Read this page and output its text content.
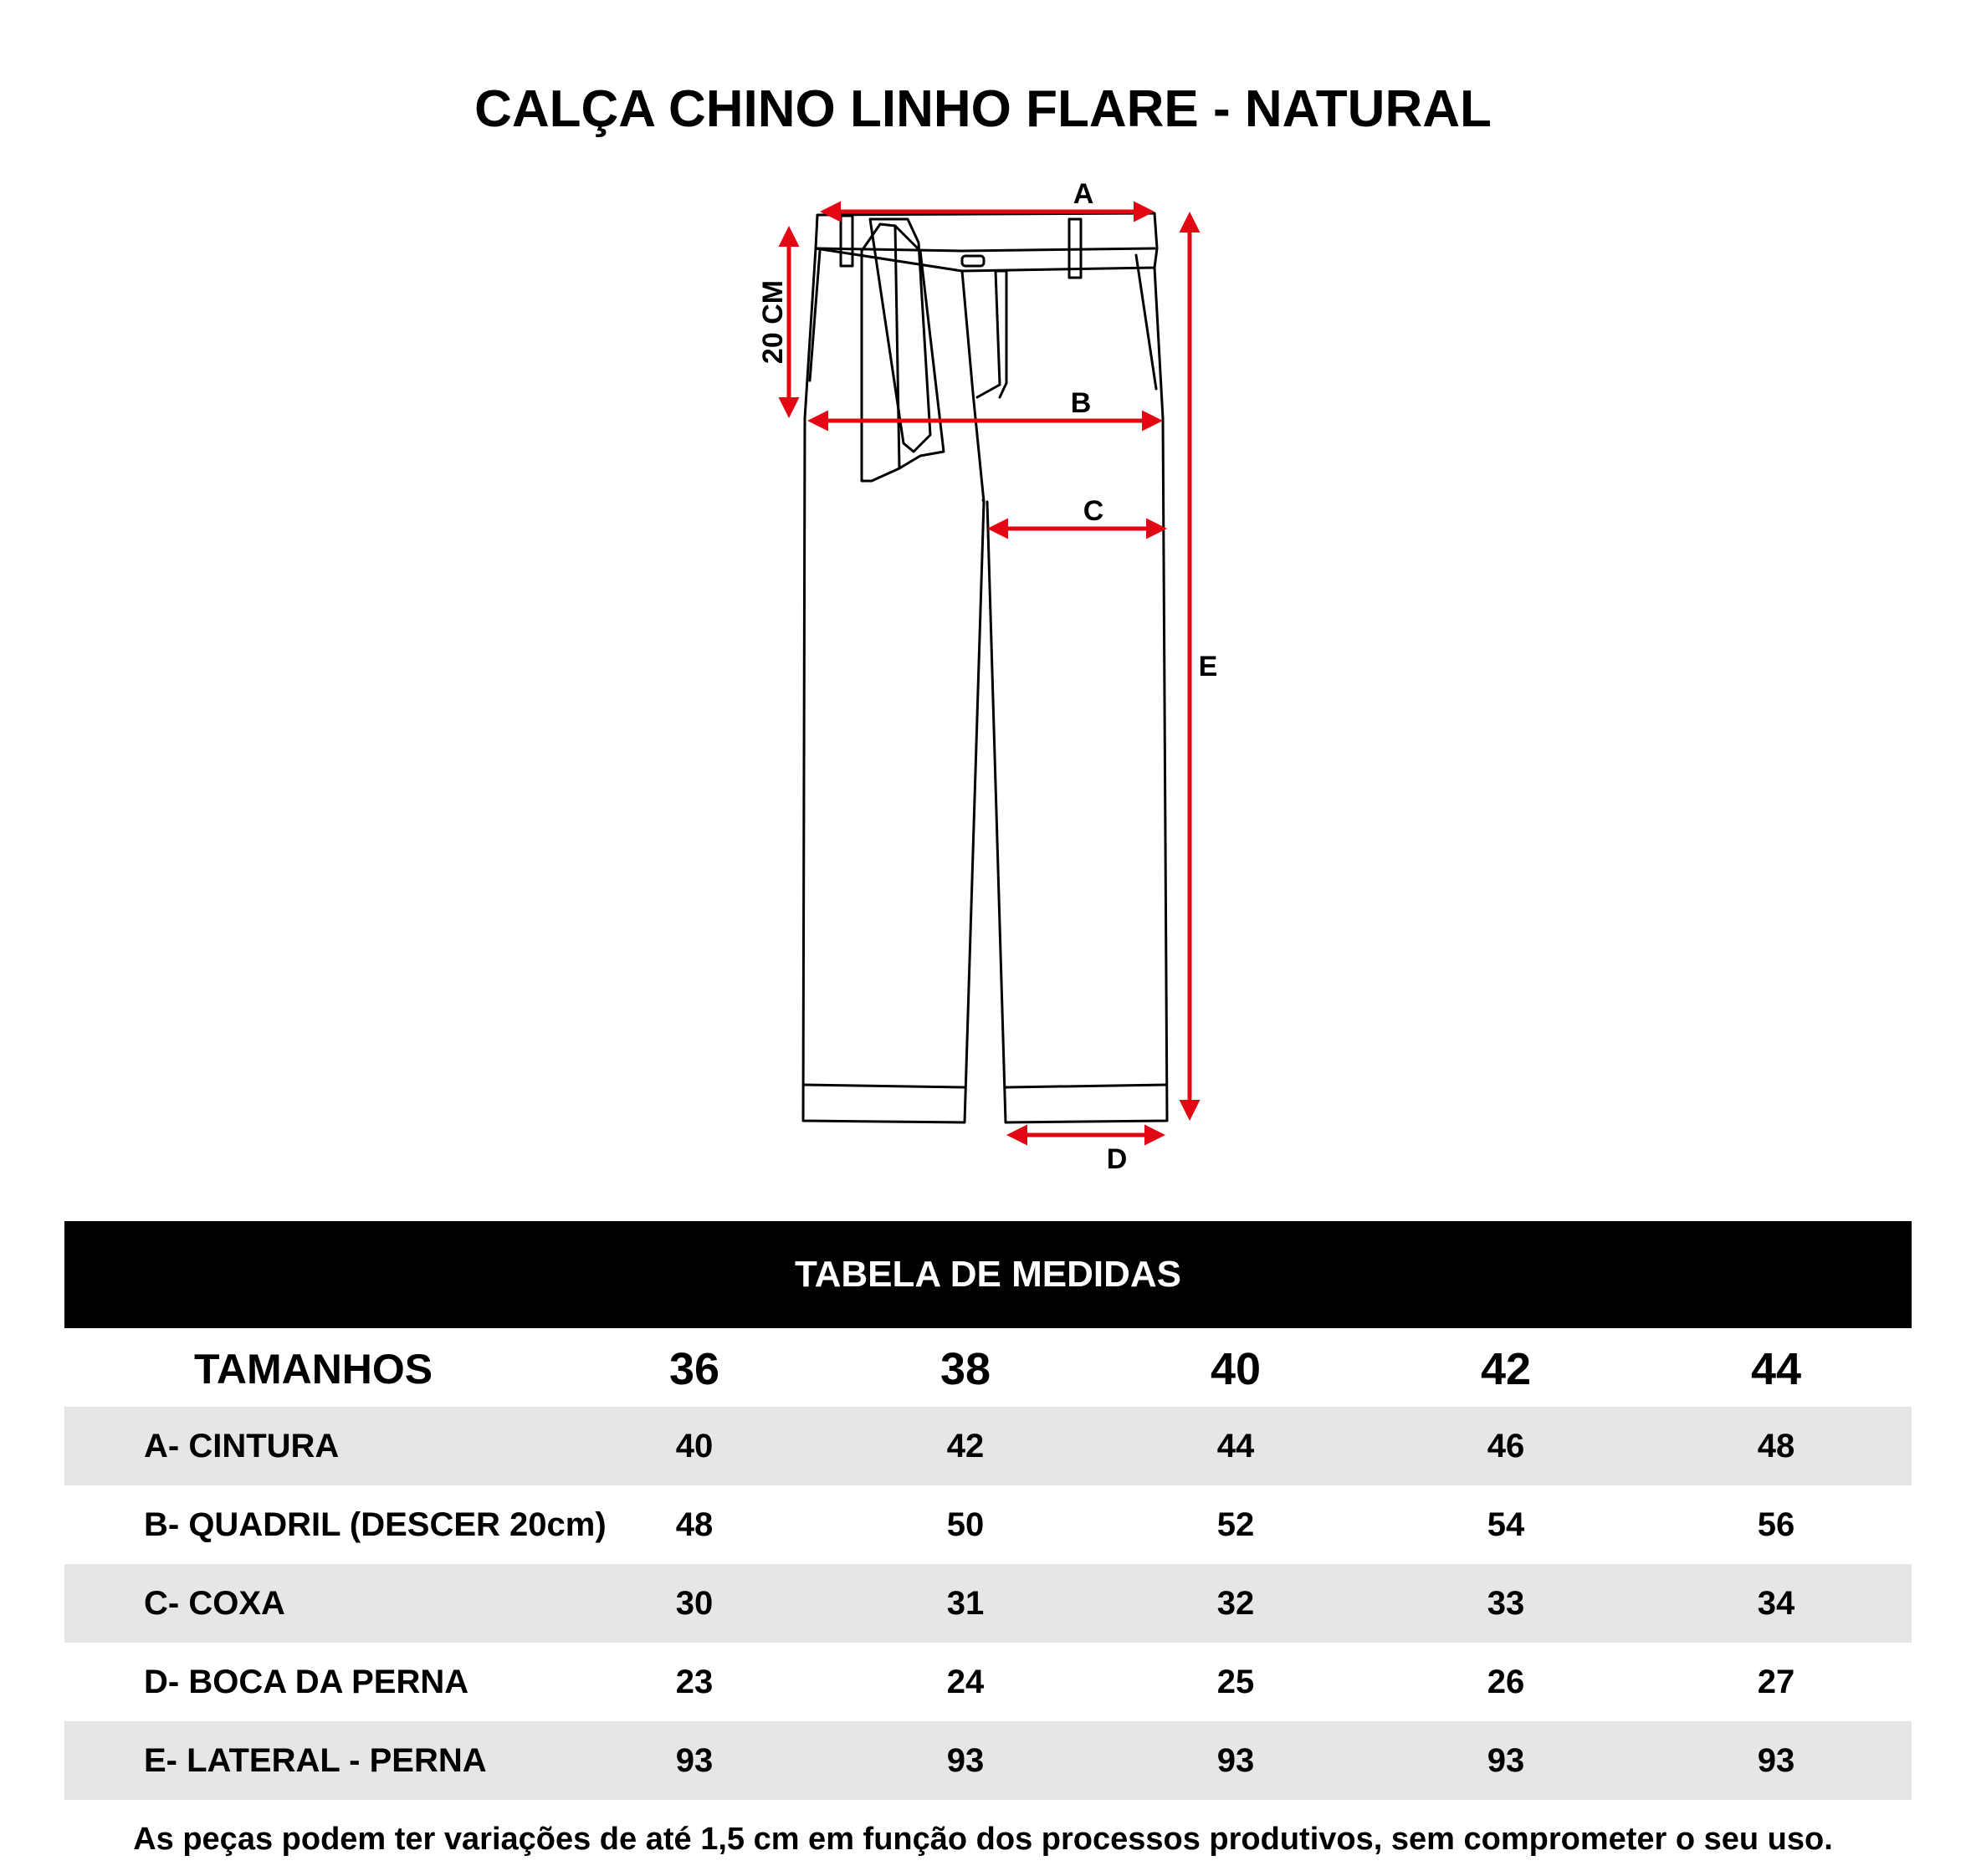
CALÇA CHINO LINHO FLARE - NATURAL
A
B
C
D
E
20 CM
TABELA DE MEDIDAS
TAMANHOS	36	38	40	42	44
A- CINTURA	40	42	44	46	48
B- QUADRIL (DESCER 20cm)	48	50	52	54	56
C- COXA	30	31	32	33	34
D- BOCA DA PERNA	23	24	25	26	27
E- LATERAL - PERNA	93	93	93	93	93
As peças podem ter variações de até 1,5 cm em função dos processos produtivos, sem comprometer o seu uso.
